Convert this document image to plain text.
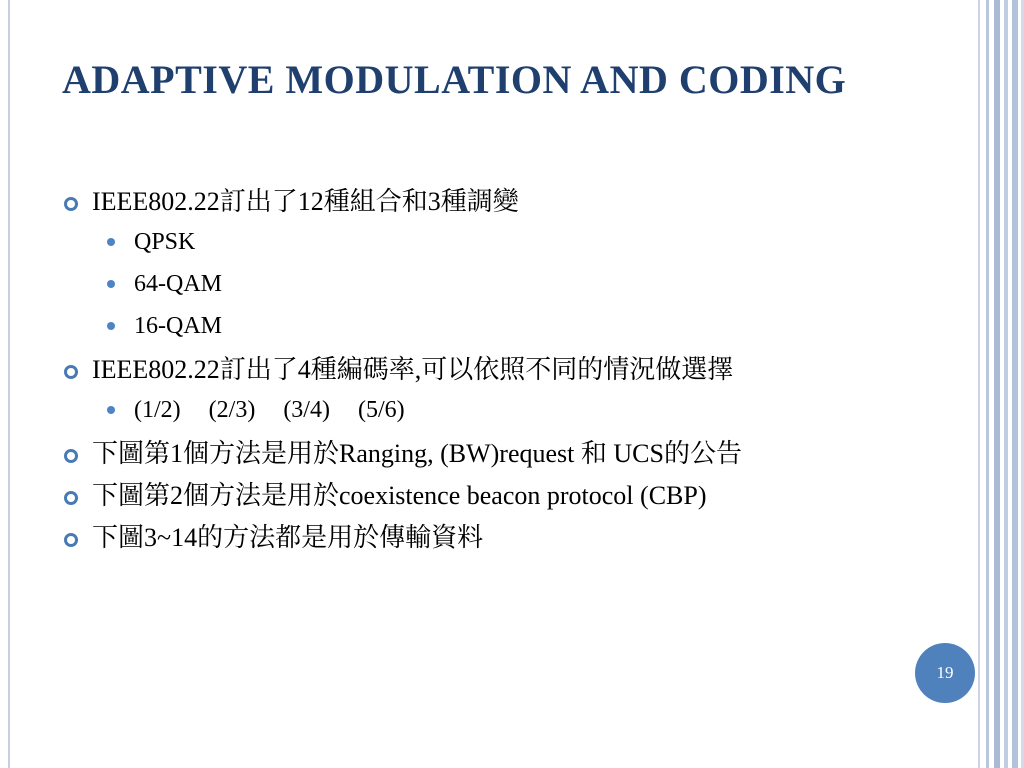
ADAPTIVE MODULATION AND CODING
IEEE802.22訂出了12種組合和3種調變
QPSK
64-QAM
16-QAM
IEEE802.22訂出了4種編碼率,可以依照不同的情況做選擇
(1/2) (2/3) (3/4) (5/6)
下圖第1個方法是用於Ranging, (BW)request 和 UCS的公告
下圖第2個方法是用於coexistence beacon protocol (CBP)
下圖3~14的方法都是用於傳輸資料
19
